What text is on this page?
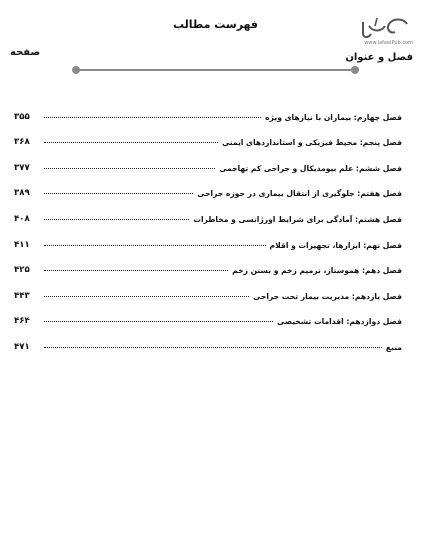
فهرست مطالب
www.lafaelPub.com
صفحه	فصل و عنوان
فصل چهارم: بیماران با نیازهای ویژه
۳۵۵
فصل پنجم: محیط فیزیکی و استانداردهای ایمنی
۳۶۸
فصل ششم: علم بیومدیکال و جراحی کم تهاجمی
۳۷۷
فصل هفتم: جلوگیری از انتقال بیماری در حوزه جراحی
۳۸۹
فصل هشتم: آمادگی برای شرایط اورژانسی و مخاطرات
۴۰۸
فصل نهم: ابزارها، تجهیزات و اقلام
۴۱۱
فصل دهم: هموستاز، ترمیم زخم و بستن زخم
۴۲۵
فصل یازدهم: مدیریت بیمار تحت جراحی
۴۴۳
فصل دوازدهم: اقدامات تشخیصی
۴۶۴
منبع
۴۷۱
